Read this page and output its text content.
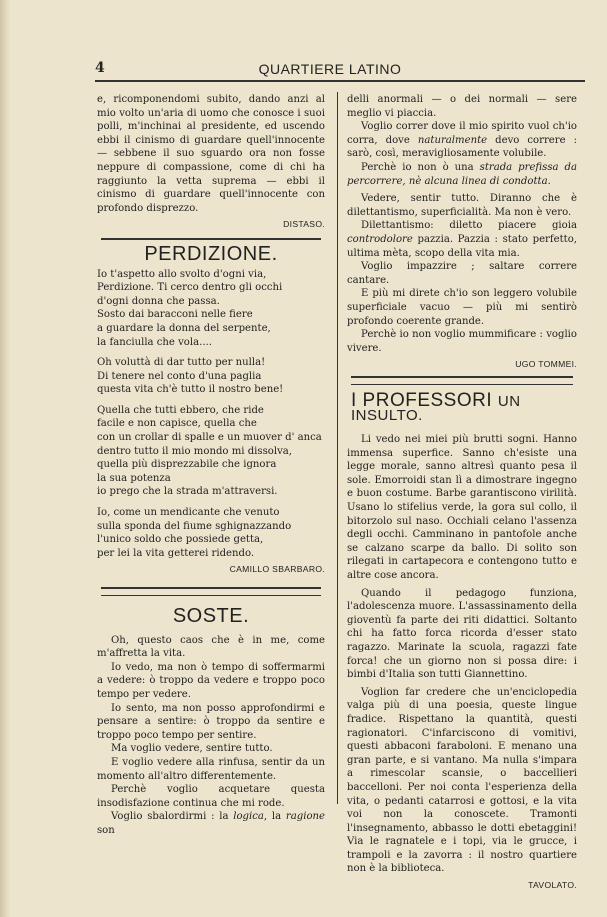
4	QUARTIERE LATINO

e, ricomponendomi subito, dando anzi al mio volto un'aria di uomo che conosce i suoi polli, m'inchinai al presidente, ed uscendo ebbi il cinismo di guardare quell'innocente — sebbene il suo sguardo ora non fosse neppure di compassione, come di chi ha raggiunto la vetta suprema — ebbi il cinismo di guardare quell'innocente con profondo disprezzo.

DISTASO.
PERDIZIONE.
Io t'aspetto allo svolto d'ogni via,
Perdizione. Ti cerco dentro gli occhi
d'ogni donna che passa.
Sosto dai baracconi nelle fiere
a guardare la donna del serpente,
la fanciulla che vola....
Oh voluttà di dar tutto per nulla!
Di tenere nel conto d'una paglia
questa vita ch'è tutto il nostro bene!
Quella che tutti ebbero, che ride
facile e non capisce, quella che
con un crollar di spalle e un muover d' anca
dentro tutto il mio mondo mi dissolva,
quella più disprezzabile che ignora
la sua potenza
io prego che la strada m'attraversi.
Io, come un mendicante che venuto
sulla sponda del fiume sghignazzando
l'unico soldo che possiede getta,
per lei la vita getterei ridendo.
CAMILLO SBARBARO.
SOSTE.

Oh, questo caos che è in me, come m'affretta la vita.

Io vedo, ma non ò tempo di soffermarmi a vedere: ò troppo da vedere e troppo poco tempo per vedere.

Io sento, ma non posso approfondirmi e pensare a sentire: ò troppo da sentire e troppo poco tempo per sentire.

Ma voglio vedere, sentire tutto.

E voglio vedere alla rinfusa, sentir da un momento all'altro differentemente.

Perchè voglio acquetare questa insodisfazione continua che mi rode.

Voglio sbalordirmi : la logica, la ragione son

delli anormali — o dei normali — sere meglio vi piaccia.

Voglio correr dove il mio spirito vuol ch'io corra, dove naturalmente devo correre : sarò, così, meravigliosamente volubile.

Perchè io non ò una strada prefissa da percorrere, nè alcuna linea di condotta.

Vedere, sentir tutto. Diranno che è dilettantismo, superficialità. Ma non è vero.

Dilettantismo: diletto piacere gioia controdolore pazzia. Pazzia : stato perfetto, ultima mèta, scopo della vita mia.

Voglio impazzire ; saltare correre cantare.

E più mi direte ch'io son leggero volubile superficiale vacuo — più mi sentirò profondo coerente grande.

Perchè io non voglio mummificare : voglio vivere.

UGO TOMMEI.
I PROFESSORI UN INSULTO.

Li vedo nei miei più brutti sogni. Hanno immensa superfice. Sanno ch'esiste una legge morale, sanno altresì quanto pesa il sole. Emorroidi stan lì a dimostrare ingegno e buon costume. Barbe garantiscono virilità. Usano lo stifelius verde, la gora sul collo, il bitorzolo sul naso. Occhiali celano l'assenza degli occhi. Camminano in pantofole anche se calzano scarpe da ballo. Di solito son rilegati in cartapecora e contengono tutto e altre cose ancora.

Quando il pedagogo funziona, l'adolescenza muore. L'assassinamento della gioventù fa parte dei riti didattici. Soltanto chi ha fatto forca ricorda d'esser stato ragazzo. Marinate la scuola, ragazzi fate forca! che un giorno non si possa dire: i bimbi d'Italia son tutti Giannettino.

Voglion far credere che un'enciclopedia valga più di una poesia, queste lingue fradice. Rispettano la quantità, questi ragionatori. C'infarciscono di vomitivi, questi abbaconi faraboloni. E menano una gran parte, e si vantano. Ma nulla s'impara a rimescolar scansie, o baccellieri baccelloni. Per noi conta l'esperienza della vita, o pedanti catarrosi e gottosi, e la vita voi non la conoscete. Tramonti l'insegnamento, abbasso le dotti ebetaggini! Via le ragnatele e i topi, via le grucce, i trampoli e la zavorra : il nostro quartiere non è la biblioteca.

TAVOLATO.
